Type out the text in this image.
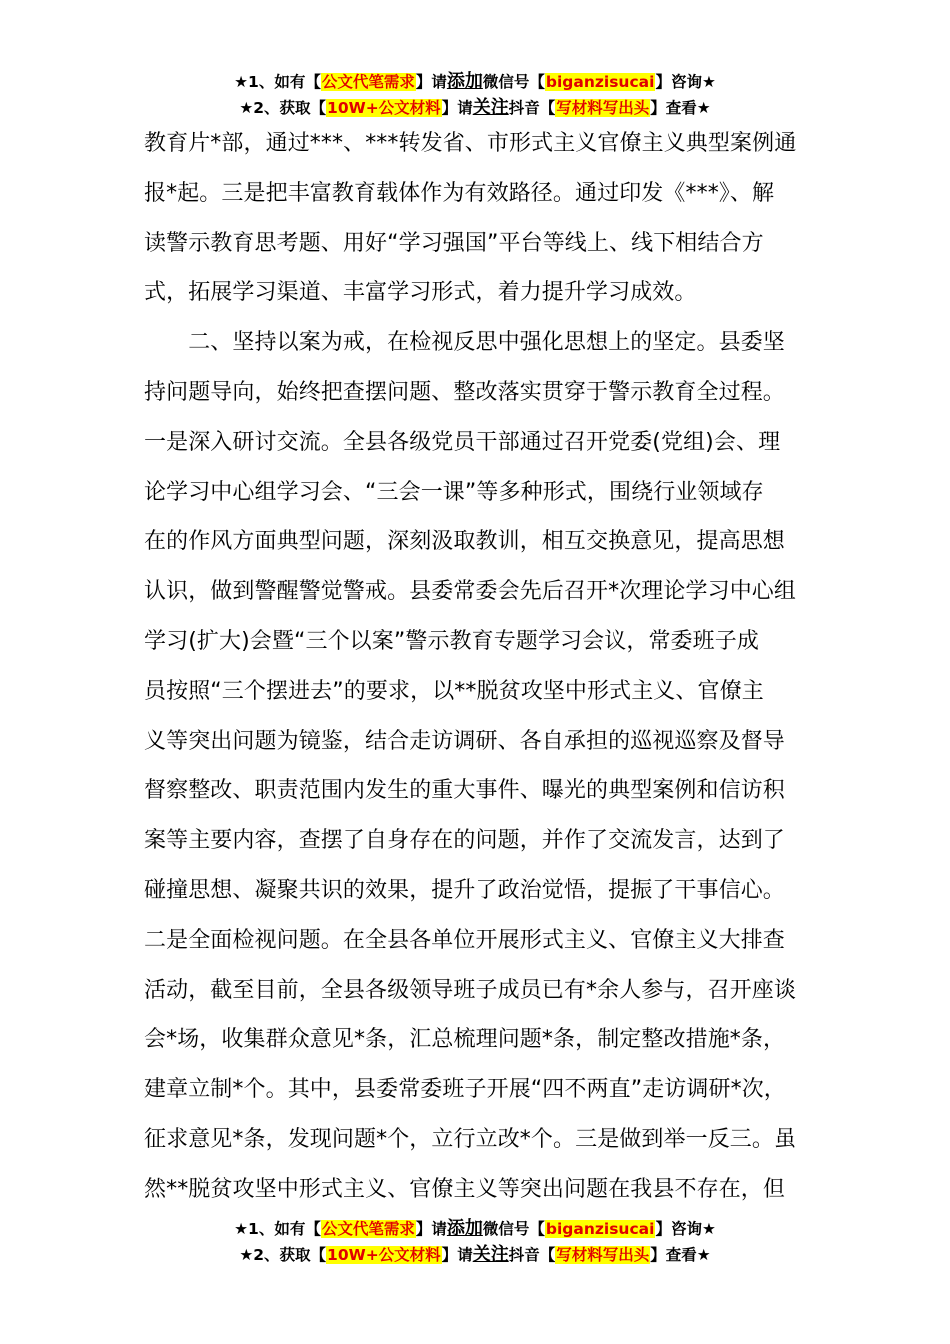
★1、如有【公文代笔需求】请添加微信号【biganzisucai】咨询★
★2、获取【10W+公文材料】请关注抖音【写材料写出头】查看★
教育片*部，通过***、***转发省、市形式主义官僚主义典型案例通
报*起。三是把丰富教育载体作为有效路径。通过印发《***》、解
读警示教育思考题、用好“学习强国”平台等线上、线下相结合方
式，拓展学习渠道、丰富学习形式，着力提升学习成效。
　　二、坚持以案为戒，在检视反思中强化思想上的坚定。县委坚
持问题导向，始终把查摆问题、整改落实贯穿于警示教育全过程。
一是深入研讨交流。全县各级党员干部通过召开党委(党组)会、理
论学习中心组学习会、“三会一课”等多种形式，围绕行业领域存
在的作风方面典型问题，深刻汲取教训，相互交换意见，提高思想
认识，做到警醒警觉警戒。县委常委会先后召开*次理论学习中心组
学习(扩大)会暨“三个以案”警示教育专题学习会议，常委班子成
员按照“三个摆进去”的要求，以**脱贫攻坚中形式主义、官僚主
义等突出问题为镜鉴，结合走访调研、各自承担的巡视巡察及督导
督察整改、职责范围内发生的重大事件、曝光的典型案例和信访积
案等主要内容，查摆了自身存在的问题，并作了交流发言，达到了
碰撞思想、凝聚共识的效果，提升了政治觉悟，提振了干事信心。
二是全面检视问题。在全县各单位开展形式主义、官僚主义大排查
活动，截至目前，全县各级领导班子成员已有*余人参与，召开座谈
会*场，收集群众意见*条，汇总梳理问题*条，制定整改措施*条，
建章立制*个。其中，县委常委班子开展“四不两直”走访调研*次，
征求意见*条，发现问题*个，立行立改*个。三是做到举一反三。虽
然**脱贫攻坚中形式主义、官僚主义等突出问题在我县不存在，但
★1、如有【公文代笔需求】请添加微信号【biganzisucai】咨询★
★2、获取【10W+公文材料】请关注抖音【写材料写出头】查看★
